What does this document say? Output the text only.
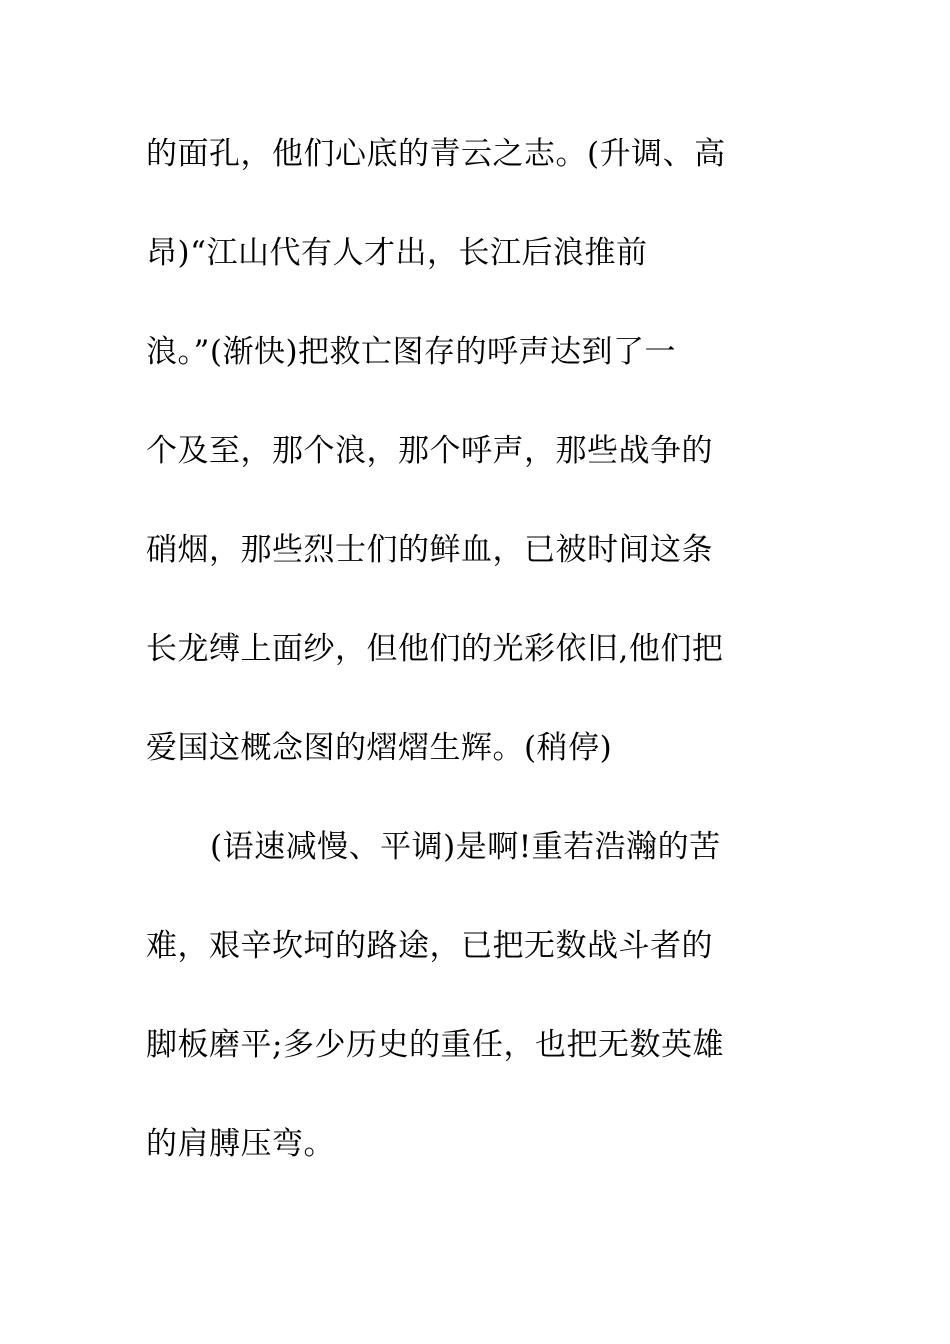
的面孔，他们心底的青云之志。(升调、高
昂)“江山代有人才出，长江后浪推前
浪。”(渐快)把救亡图存的呼声达到了一
个及至，那个浪，那个呼声，那些战争的
硝烟，那些烈士们的鲜血，已被时间这条
长龙缚上面纱，但他们的光彩依旧,他们把
爱国这概念图的熠熠生辉。(稍停)
(语速减慢、平调)是啊!重若浩瀚的苦
难，艰辛坎坷的路途，已把无数战斗者的
脚板磨平;多少历史的重任，也把无数英雄
的肩膊压弯。
